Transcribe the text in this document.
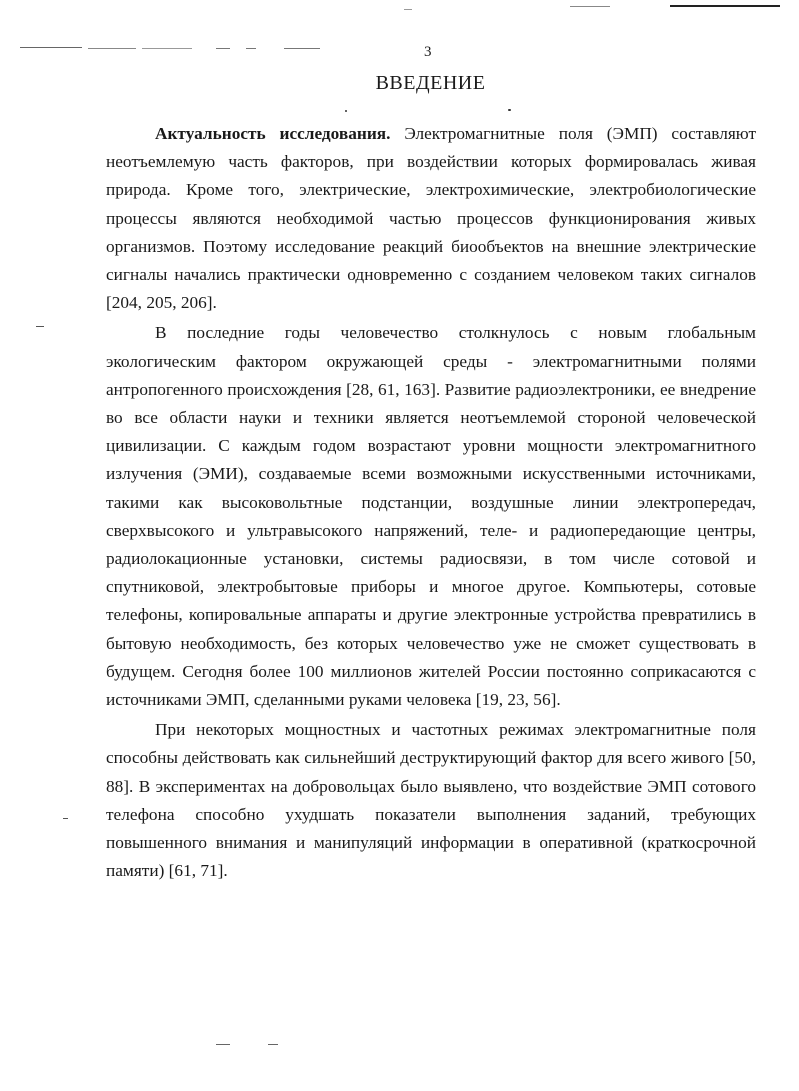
3
ВВЕДЕНИЕ

Актуальность исследования. Электромагнитные поля (ЭМП) составляют неотъемлемую часть факторов, при воздействии которых формировалась живая природа. Кроме того, электрические, электрохимические, электробиологические процессы являются необходимой частью процессов функционирования живых организмов. Поэтому исследование реакций биообъектов на внешние электрические сигналы начались практически одновременно с созданием человеком таких сигналов [204, 205, 206].

В последние годы человечество столкнулось с новым глобальным экологическим фактором окружающей среды - электромагнитными полями антропогенного происхождения [28, 61, 163]. Развитие радиоэлектроники, ее внедрение во все области науки и техники является неотъемлемой стороной человеческой цивилизации. С каждым годом возрастают уровни мощности электромагнитного излучения (ЭМИ), создаваемые всеми возможными искусственными источниками, такими как высоковольтные подстанции, воздушные линии электропередач, сверхвысокого и ультравысокого напряжений, теле- и радиопередающие центры, радиолокационные установки, системы радиосвязи, в том числе сотовой и спутниковой, электробытовые приборы и многое другое. Компьютеры, сотовые телефоны, копировальные аппараты и другие электронные устройства превратились в бытовую необходимость, без которых человечество уже не сможет существовать в будущем. Сегодня более 100 миллионов жителей России постоянно соприкасаются с источниками ЭМП, сделанными руками человека [19, 23, 56].

При некоторых мощностных и частотных режимах электромагнитные поля способны действовать как сильнейший деструктирующий фактор для всего живого [50, 88]. В экспериментах на добровольцах было выявлено, что воздействие ЭМП сотового телефона способно ухудшать показатели выполнения заданий, требующих повышенного внимания и манипуляций информации в оперативной (краткосрочной памяти) [61, 71].
